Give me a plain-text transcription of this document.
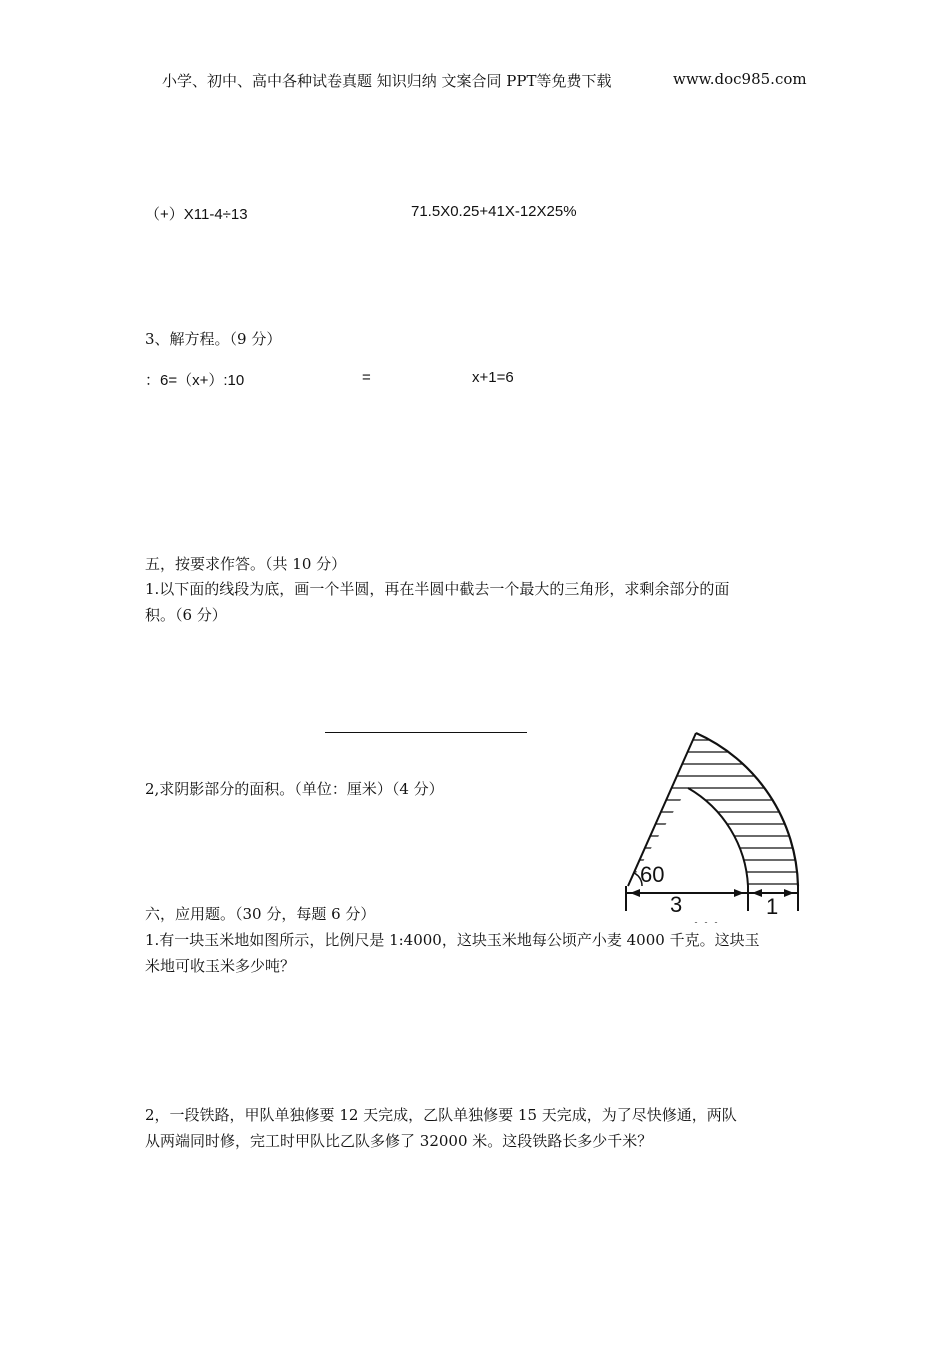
小学、初中、高中各种试卷真题 知识归纳 文案合同 PPT等免费下载	www.doc985.com
（+）X11-4÷13	71.5X0.25+41X-12X25%
3、解方程。（9 分）
：6=（x+）:10	=	x+1=6
五，按要求作答。（共 10 分）
1.以下面的线段为底，画一个半圆，再在半圆中截去一个最大的三角形，求剩余部分的面
积。（6 分）
2,求阴影部分的面积。（单位：厘米）（4 分）
60
3	1
六，应用题。（30 分，每题 6 分）
1.有一块玉米地如图所示，比例尺是 1:4000，这块玉米地每公顷产小麦 4000 千克。这块玉
米地可收玉米多少吨？
2，一段铁路，甲队单独修要 12 天完成，乙队单独修要 15 天完成，为了尽快修通，两队
从两端同时修，完工时甲队比乙队多修了 32000 米。这段铁路长多少千米？
